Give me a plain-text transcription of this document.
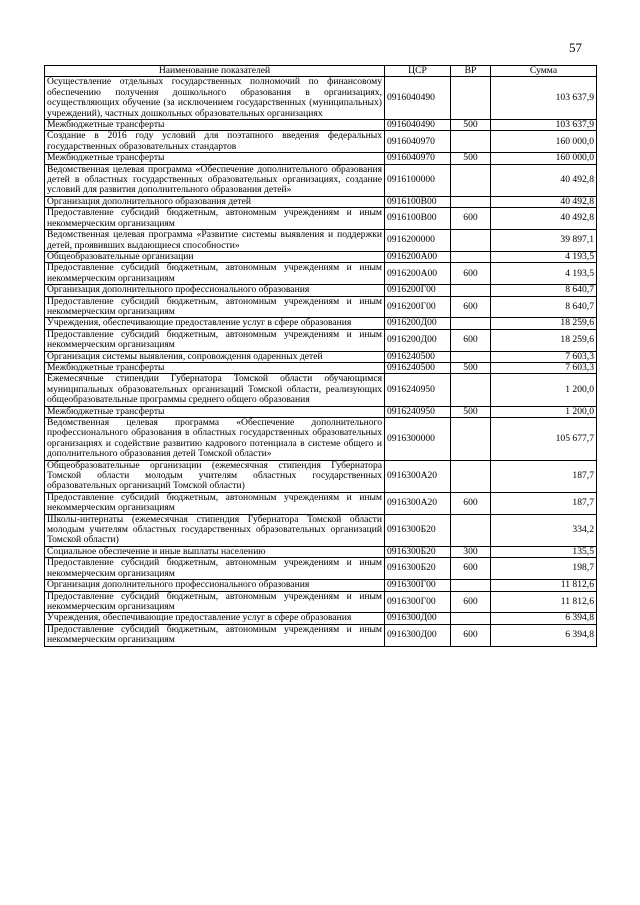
57
Наименование показателей	ЦСР	ВР	Сумма
Осуществление отдельных государственных полномочий по финансовому обеспечению получения дошкольного образования в организациях, осуществляющих обучение (за исключением государственных (муниципальных) учреждений), частных дошкольных образовательных организациях	0916040490		103 637,9
Межбюджетные трансферты	0916040490	500	103 637,9
Создание в 2016 году условий для поэтапного введения федеральных государственных образовательных стандартов	0916040970		160 000,0
Межбюджетные трансферты	0916040970	500	160 000,0
Ведомственная целевая программа «Обеспечение дополнительного образования детей в областных государственных образовательных организациях, создание условий для развития дополнительного образования детей»	0916100000		40 492,8
Организация дополнительного образования детей	0916100В00		40 492,8
Предоставление субсидий бюджетным, автономным учреждениям и иным некоммерческим организациям	0916100В00	600	40 492,8
Ведомственная целевая программа «Развитие системы выявления и поддержки детей, проявивших выдающиеся способности»	0916200000		39 897,1
Общеобразовательные организации	0916200А00		4 193,5
Предоставление субсидий бюджетным, автономным учреждениям и иным некоммерческим организациям	0916200А00	600	4 193,5
Организация дополнительного профессионального образования	0916200Г00		8 640,7
Предоставление субсидий бюджетным, автономным учреждениям и иным некоммерческим организациям	0916200Г00	600	8 640,7
Учреждения, обеспечивающие предоставление услуг в сфере образования	0916200Д00		18 259,6
Предоставление субсидий бюджетным, автономным учреждениям и иным некоммерческим организациям	0916200Д00	600	18 259,6
Организация системы выявления, сопровождения одаренных детей	0916240500		7 603,3
Межбюджетные трансферты	0916240500	500	7 603,3
Ежемесячные стипендии Губернатора Томской области обучающимся муниципальных образовательных организаций Томской области, реализующих общеобразовательные программы среднего общего образования	0916240950		1 200,0
Межбюджетные трансферты	0916240950	500	1 200,0
Ведомственная целевая программа «Обеспечение дополнительного профессионального образования в областных государственных образовательных организациях и содействие развитию кадрового потенциала в системе общего и дополнительного образования детей Томской области»	0916300000		105 677,7
Общеобразовательные организации (ежемесячная стипендия Губернатора Томской области молодым учителям областных государственных образовательных организаций Томской области)	0916300А20		187,7
Предоставление субсидий бюджетным, автономным учреждениям и иным некоммерческим организациям	0916300А20	600	187,7
Школы-интернаты (ежемесячная стипендия Губернатора Томской области молодым учителям областных государственных образовательных организаций Томской области)	0916300Б20		334,2
Социальное обеспечение и иные выплаты населению	0916300Б20	300	135,5
Предоставление субсидий бюджетным, автономным учреждениям и иным некоммерческим организациям	0916300Б20	600	198,7
Организация дополнительного профессионального образования	0916300Г00		11 812,6
Предоставление субсидий бюджетным, автономным учреждениям и иным некоммерческим организациям	0916300Г00	600	11 812,6
Учреждения, обеспечивающие предоставление услуг в сфере образования	0916300Д00		6 394,8
Предоставление субсидий бюджетным, автономным учреждениям и иным некоммерческим организациям	0916300Д00	600	6 394,8
